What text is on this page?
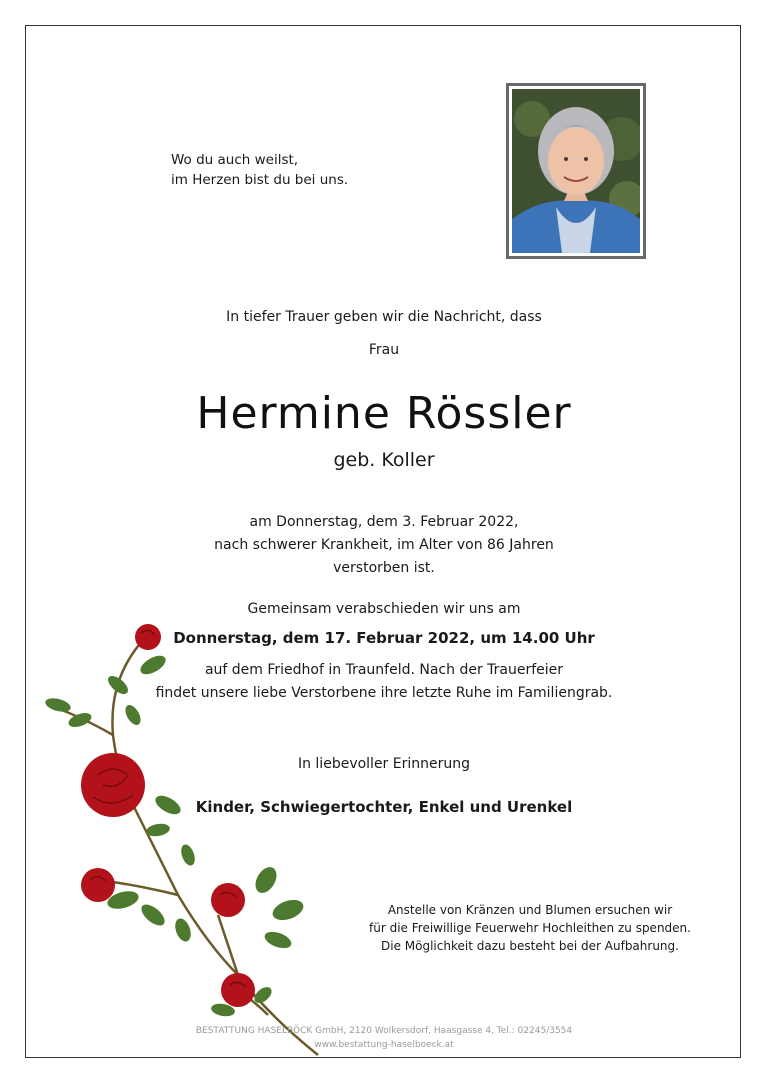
Wo du auch weilst,
im Herzen bist du bei uns.
In tiefer Trauer geben wir die Nachricht, dass
Frau
Hermine Rössler
geb. Koller
am Donnerstag, dem 3. Februar 2022,
nach schwerer Krankheit, im Alter von 86 Jahren
verstorben ist.
Gemeinsam verabschieden wir uns am
Donnerstag, dem 17. Februar 2022, um 14.00 Uhr
auf dem Friedhof in Traunfeld. Nach der Trauerfeier
findet unsere liebe Verstorbene ihre letzte Ruhe im Familiengrab.
In liebevoller Erinnerung
Kinder, Schwiegertochter, Enkel und Urenkel
Anstelle von Kränzen und Blumen ersuchen wir
für die Freiwillige Feuerwehr Hochleithen zu spenden.
Die Möglichkeit dazu besteht bei der Aufbahrung.
BESTATTUNG HASELBÖCK GmbH, 2120 Wolkersdorf, Haasgasse 4, Tel.: 02245/3554
www.bestattung-haselboeck.at
